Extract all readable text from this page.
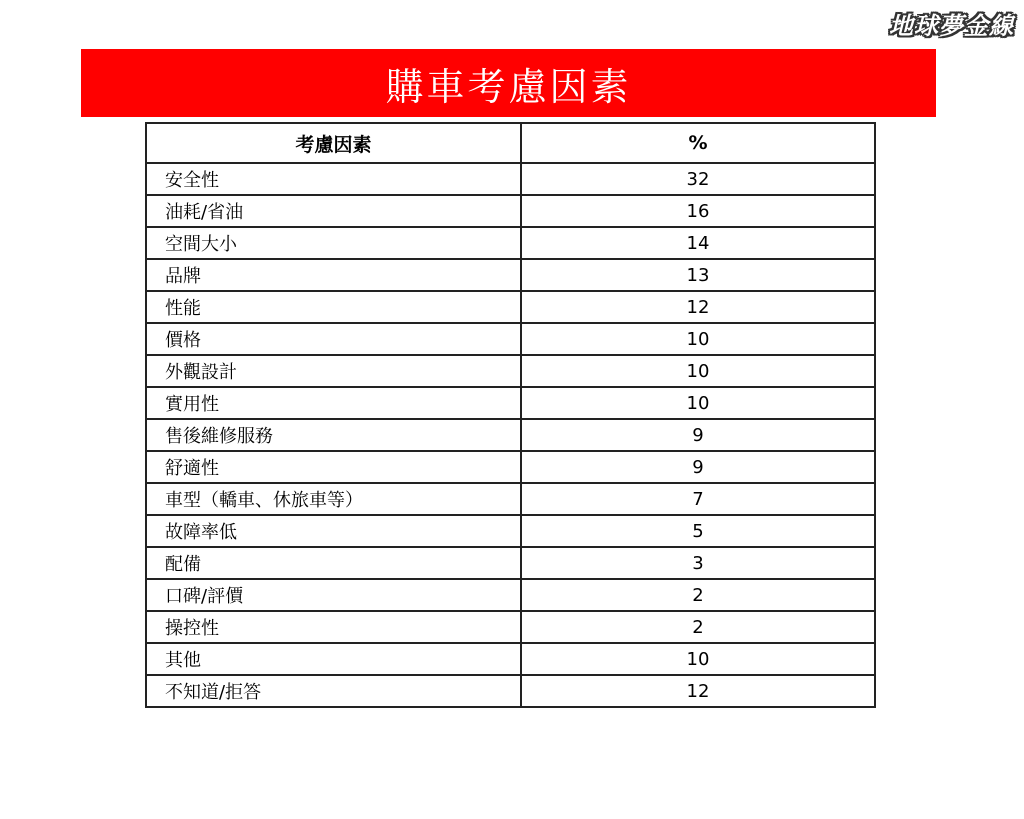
地球夢金線
購車考慮因素
考慮因素	%
安全性	32
油耗/省油	16
空間大小	14
品牌	13
性能	12
價格	10
外觀設計	10
實用性	10
售後維修服務	9
舒適性	9
車型（轎車、休旅車等）	7
故障率低	5
配備	3
口碑/評價	2
操控性	2
其他	10
不知道/拒答	12
